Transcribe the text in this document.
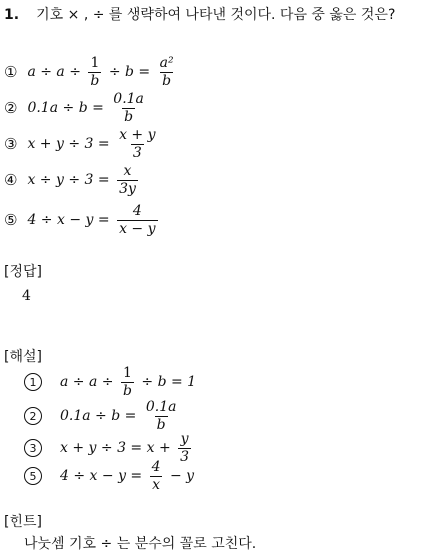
1. 기호 × , ÷ 를 생략하여 나타낸 것이다. 다음 중 옳은 것은?
① $a \div a \div \frac{1}{b} \div b = \frac{\text{a²}}{b}$
② $0.1a \div b = \frac{0.1a}{b}$
③ $x + y \div 3 = \frac{x + y}{3}$
④ $x \div y \div 3 = \frac{x}{3y}$
⑤ $4 \div x - y = \frac{4}{x - y}$
[정답]
4
[해설]
1	$a \div a \div \frac{1}{b} \div b = 1$
2	$0.1a \div b = \frac{0.1a}{b}$
3	$x + y \div 3 = x + \frac{y}{3}$
5	$4 \div x - y = \frac{4}{x} - y$
[힌트]
나눗셈 기호 ÷ 는 분수의 꼴로 고친다.
